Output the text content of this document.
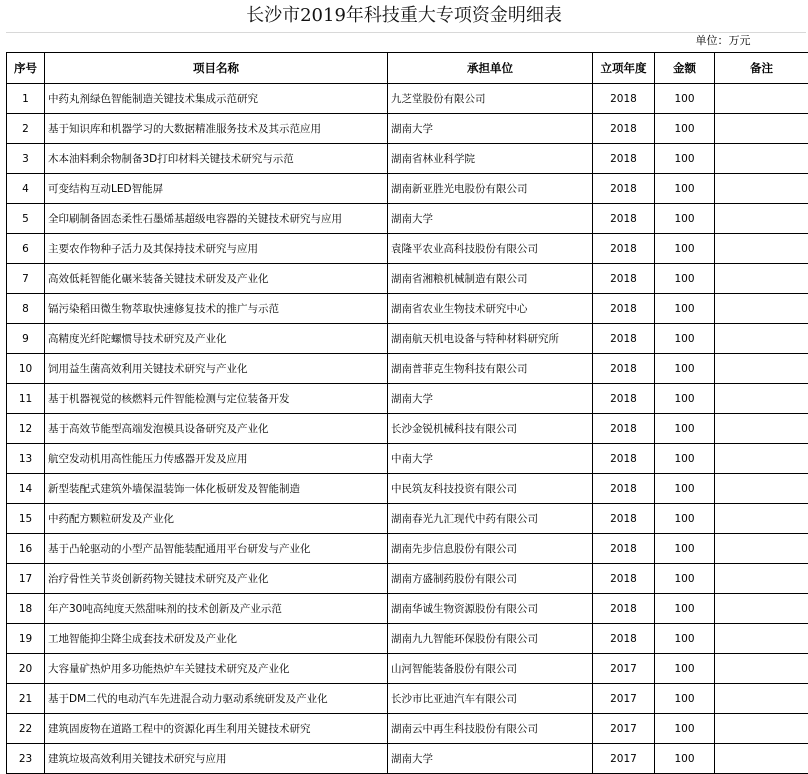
长沙市2019年科技重大专项资金明细表
单位：万元
序号	项目名称	承担单位	立项年度	金额	备注
1	中药丸剂绿色智能制造关键技术集成示范研究	九芝堂股份有限公司	2018	100	
2	基于知识库和机器学习的大数据精准服务技术及其示范应用	湖南大学	2018	100	
3	木本油料剩余物制备3D打印材料关键技术研究与示范	湖南省林业科学院	2018	100	
4	可变结构互动LED智能屏	湖南新亚胜光电股份有限公司	2018	100	
5	全印刷制备固态柔性石墨烯基超级电容器的关键技术研究与应用	湖南大学	2018	100	
6	主要农作物种子活力及其保持技术研究与应用	袁隆平农业高科技股份有限公司	2018	100	
7	高效低耗智能化碾米装备关键技术研发及产业化	湖南省湘粮机械制造有限公司	2018	100	
8	镉污染稻田微生物萃取快速修复技术的推广与示范	湖南省农业生物技术研究中心	2018	100	
9	高精度光纤陀螺惯导技术研究及产业化	湖南航天机电设备与特种材料研究所	2018	100	
10	饲用益生菌高效利用关键技术研究与产业化	湖南普菲克生物科技有限公司	2018	100	
11	基于机器视觉的核燃料元件智能检测与定位装备开发	湖南大学	2018	100	
12	基于高效节能型高端发泡模具设备研究及产业化	长沙金锐机械科技有限公司	2018	100	
13	航空发动机用高性能压力传感器开发及应用	中南大学	2018	100	
14	新型装配式建筑外墙保温装饰一体化板研发及智能制造	中民筑友科技投资有限公司	2018	100	
15	中药配方颗粒研发及产业化	湖南春光九汇现代中药有限公司	2018	100	
16	基于凸轮驱动的小型产品智能装配通用平台研发与产业化	湖南先步信息股份有限公司	2018	100	
17	治疗骨性关节炎创新药物关键技术研究及产业化	湖南方盛制药股份有限公司	2018	100	
18	年产30吨高纯度天然甜味剂的技术创新及产业示范	湖南华诚生物资源股份有限公司	2018	100	
19	工地智能抑尘降尘成套技术研发及产业化	湖南九九智能环保股份有限公司	2018	100	
20	大容量矿热炉用多功能热炉车关键技术研究及产业化	山河智能装备股份有限公司	2017	100	
21	基于DM二代的电动汽车先进混合动力驱动系统研发及产业化	长沙市比亚迪汽车有限公司	2017	100	
22	建筑固废物在道路工程中的资源化再生利用关键技术研究	湖南云中再生科技股份有限公司	2017	100	
23	建筑垃圾高效利用关键技术研究与应用	湖南大学	2017	100	
